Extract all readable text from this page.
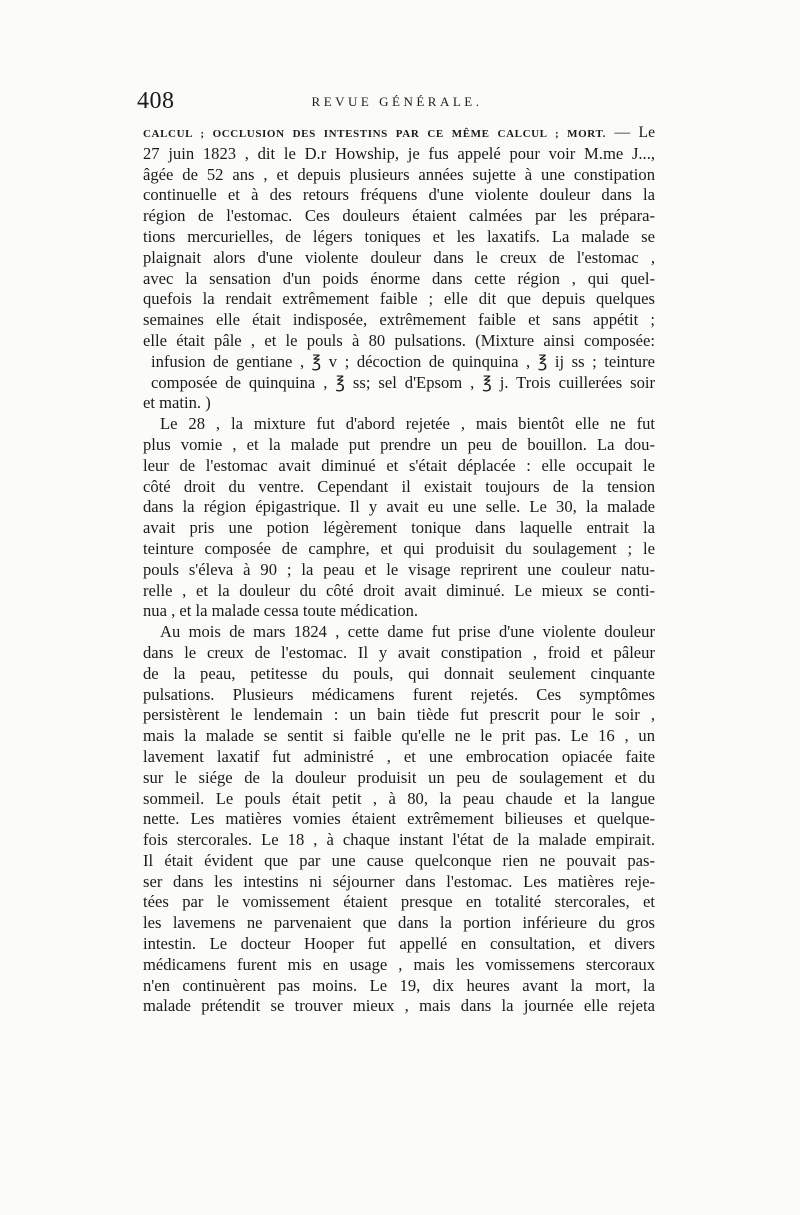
408	REVUE GÉNÉRALE.
CALCUL ; OCCLUSION DES INTESTINS PAR CE MÊME CALCUL ; MORT. — Le
27 juin 1823 , dit le D.r Howship, je fus appelé pour voir M.me J...,
âgée de 52 ans , et depuis plusieurs années sujette à une constipation
continuelle et à des retours fréquens d'une violente douleur dans la
région de l'estomac. Ces douleurs étaient calmées par les prépara-
tions mercurielles, de légers toniques et les laxatifs. La malade se
plaignait alors d'une violente douleur dans le creux de l'estomac ,
avec la sensation d'un poids énorme dans cette région , qui quel-
quefois la rendait extrêmement faible ; elle dit que depuis quelques
semaines elle était indisposée, extrêmement faible et sans appétit ;
elle était pâle , et le pouls à 80 pulsations. (Mixture ainsi composée:
infusion de gentiane , ℥ v ; décoction de quinquina , ℥ ij ss ; teinture
composée de quinquina , ℥ ss; sel d'Epsom , ℥ j. Trois cuillerées soir
et matin. )
Le 28 , la mixture fut d'abord rejetée , mais bientôt elle ne fut
plus vomie , et la malade put prendre un peu de bouillon. La dou-
leur de l'estomac avait diminué et s'était déplacée : elle occupait le
côté droit du ventre. Cependant il existait toujours de la tension
dans la région épigastrique. Il y avait eu une selle. Le 30, la malade
avait pris une potion légèrement tonique dans laquelle entrait la
teinture composée de camphre, et qui produisit du soulagement ; le
pouls s'éleva à 90 ; la peau et le visage reprirent une couleur natu-
relle , et la douleur du côté droit avait diminué. Le mieux se conti-
nua , et la malade cessa toute médication.
Au mois de mars 1824 , cette dame fut prise d'une violente douleur
dans le creux de l'estomac. Il y avait constipation , froid et pâleur
de la peau, petitesse du pouls, qui donnait seulement cinquante
pulsations. Plusieurs médicamens furent rejetés. Ces symptômes
persistèrent le lendemain : un bain tiède fut prescrit pour le soir ,
mais la malade se sentit si faible qu'elle ne le prit pas. Le 16 , un
lavement laxatif fut administré , et une embrocation opiacée faite
sur le siége de la douleur produisit un peu de soulagement et du
sommeil. Le pouls était petit , à 80, la peau chaude et la langue
nette. Les matières vomies étaient extrêmement bilieuses et quelque-
fois stercorales. Le 18 , à chaque instant l'état de la malade empirait.
Il était évident que par une cause quelconque rien ne pouvait pas-
ser dans les intestins ni séjourner dans l'estomac. Les matières reje-
tées par le vomissement étaient presque en totalité stercorales, et
les lavemens ne parvenaient que dans la portion inférieure du gros
intestin. Le docteur Hooper fut appellé en consultation, et divers
médicamens furent mis en usage , mais les vomissemens stercoraux
n'en continuèrent pas moins. Le 19, dix heures avant la mort, la
malade prétendit se trouver mieux , mais dans la journée elle rejeta
